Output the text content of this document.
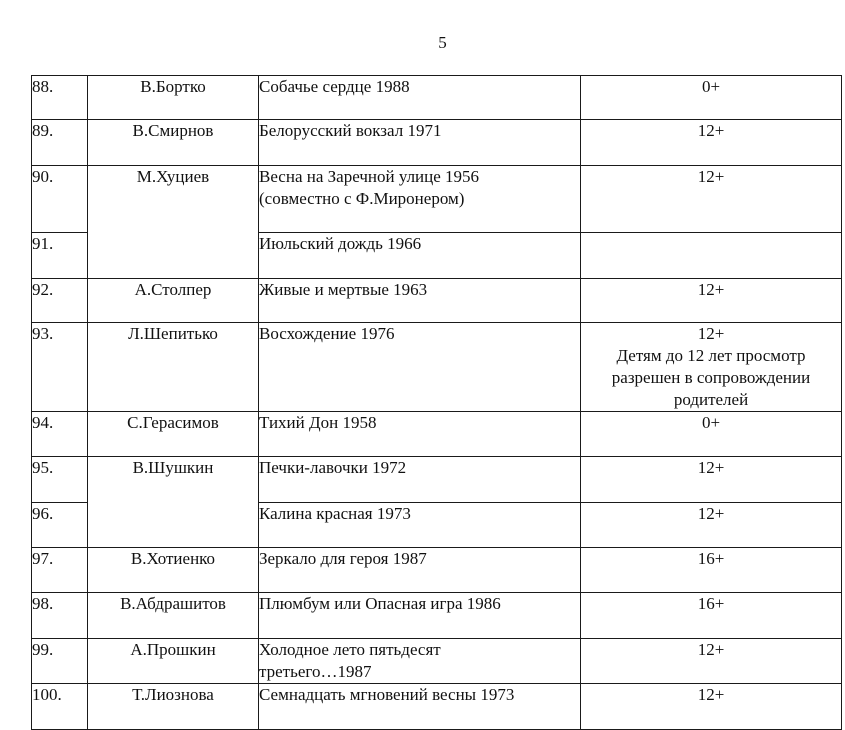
5
88.	В.Бортко	Собачье сердце 1988	0+

89.	В.Смирнов	Белорусский вокзал 1971	12+

90.	М.Хуциев	Весна на Заречной улице 1956
(совместно с Ф.Миронером)	12+

91.		Июльский дождь 1966	

92.	А.Столпер	Живые и мертвые 1963	12+

93.	Л.Шепитько	Восхождение 1976	12+
Детям до 12 лет просмотр
разрешен в сопровождении
родителей

94.	С.Герасимов	Тихий Дон 1958	0+

95.	В.Шушкин	Печки-лавочки 1972	12+

96.		Калина красная 1973	12+

97.	В.Хотиенко	Зеркало для героя 1987	16+

98.	В.Абдрашитов	Плюмбум или Опасная игра 1986	16+

99.	А.Прошкин	Холодное лето пятьдесят
третьего…1987	12+

100.	Т.Лиознова	Семнадцать мгновений весны 1973	12+
